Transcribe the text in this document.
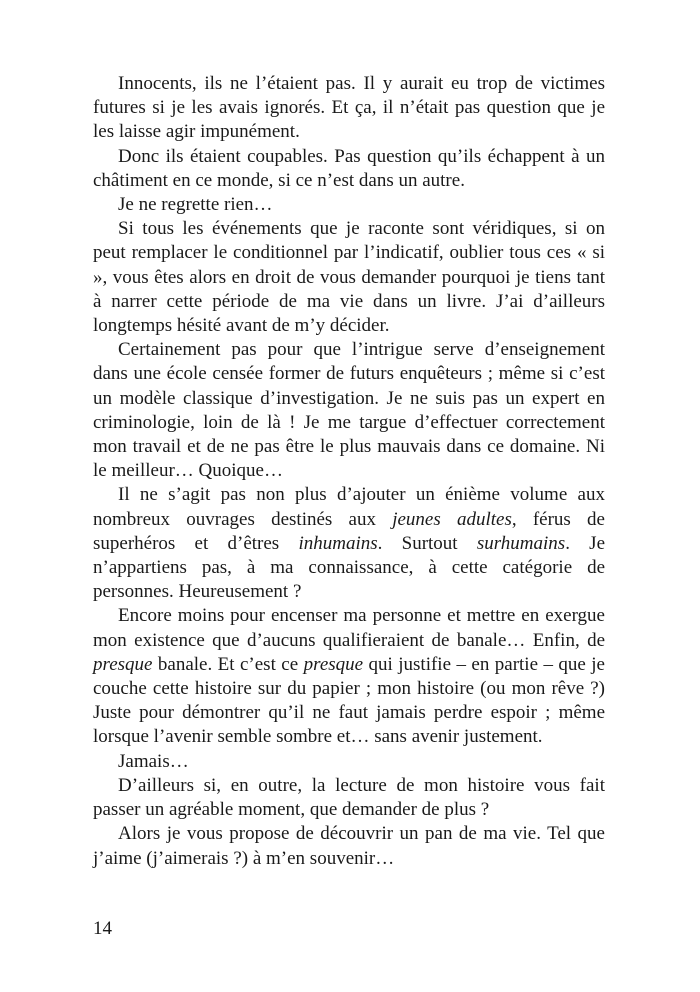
Innocents, ils ne l’étaient pas. Il y aurait eu trop de victimes futures si je les avais ignorés. Et ça, il n’était pas question que je les laisse agir impunément.

Donc ils étaient coupables. Pas question qu’ils échappent à un châtiment en ce monde, si ce n’est dans un autre.

Je ne regrette rien…

Si tous les événements que je raconte sont véridiques, si on peut remplacer le conditionnel par l’indicatif, oublier tous ces « si », vous êtes alors en droit de vous demander pourquoi je tiens tant à narrer cette période de ma vie dans un livre. J’ai d’ailleurs longtemps hésité avant de m’y décider.

Certainement pas pour que l’intrigue serve d’enseignement dans une école censée former de futurs enquêteurs ; même si c’est un modèle classique d’investigation. Je ne suis pas un expert en criminologie, loin de là ! Je me targue d’effectuer correctement mon travail et de ne pas être le plus mauvais dans ce domaine. Ni le meilleur… Quoique…

Il ne s’agit pas non plus d’ajouter un énième volume aux nombreux ouvrages destinés aux jeunes adultes, férus de superhéros et d’êtres inhumains. Surtout surhumains. Je n’appartiens pas, à ma connaissance, à cette catégorie de personnes. Heureusement ?

Encore moins pour encenser ma personne et mettre en exergue mon existence que d’aucuns qualifieraient de banale… Enfin, de presque banale. Et c’est ce presque qui justifie – en partie – que je couche cette histoire sur du papier ; mon histoire (ou mon rêve ?) Juste pour démontrer qu’il ne faut jamais perdre espoir ; même lorsque l’avenir semble sombre et… sans avenir justement.

Jamais…

D’ailleurs si, en outre, la lecture de mon histoire vous fait passer un agréable moment, que demander de plus ?

Alors je vous propose de découvrir un pan de ma vie. Tel que j’aime (j’aimerais ?) à m’en souvenir…

14
